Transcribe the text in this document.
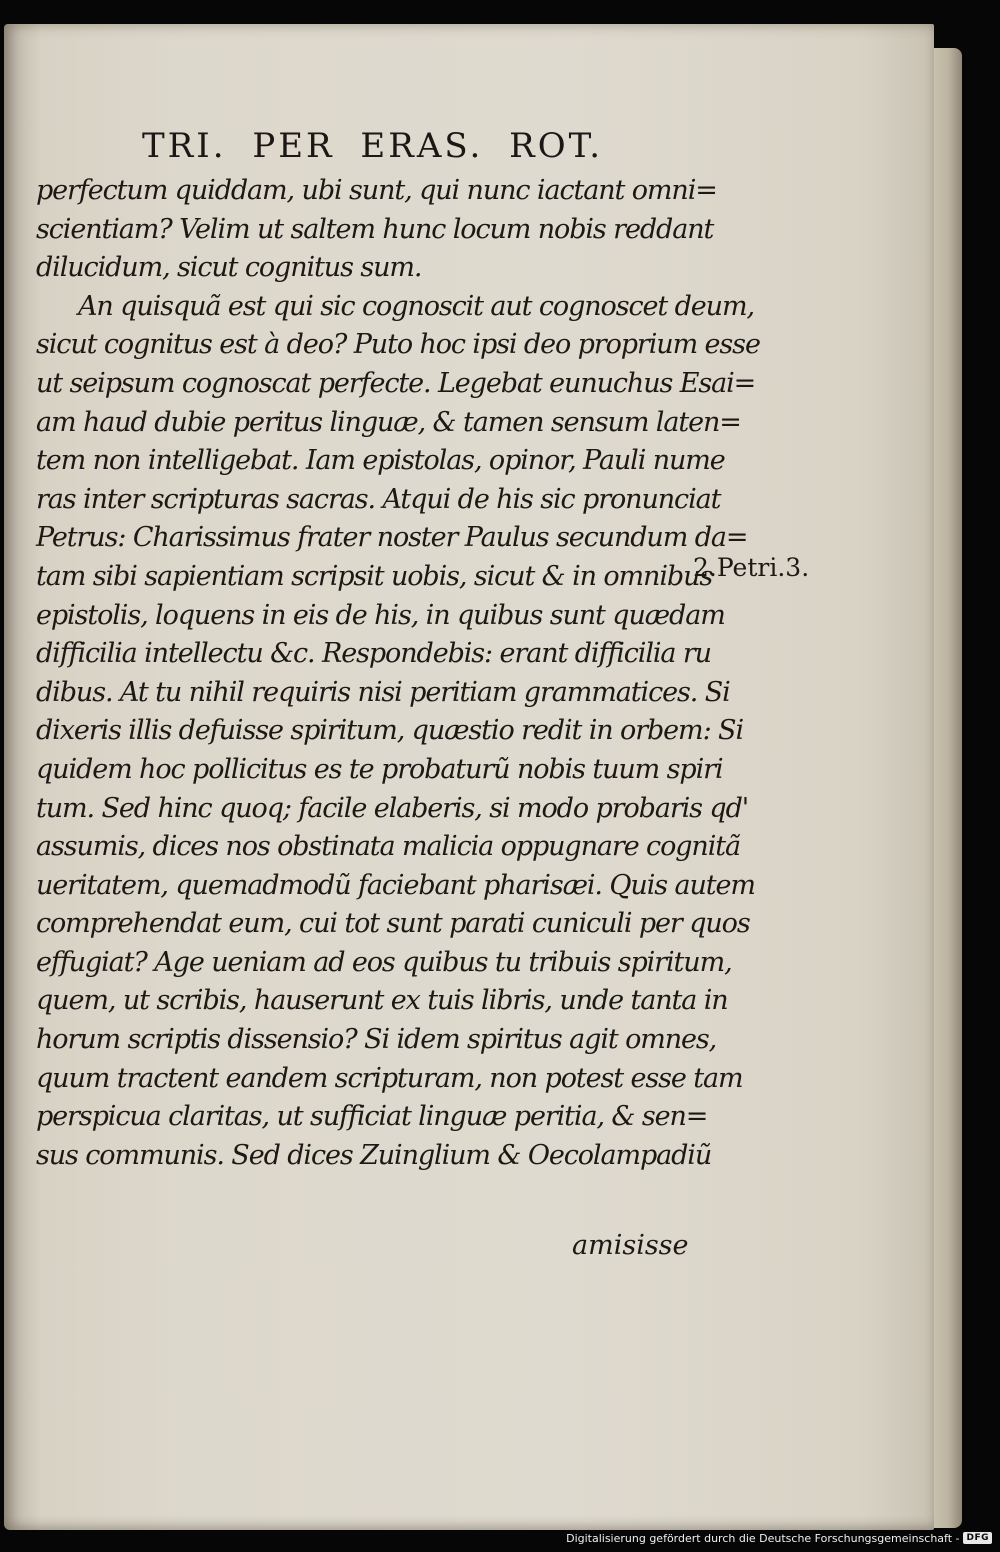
TRI. PER ERAS. ROT.
perfectum quiddam, ubi sunt, qui nunc iactant omni=
scientiam? Velim ut saltem hunc locum nobis reddant
dilucidum, sicut cognitus sum.
An quisquã est qui sic cognoscit aut cognoscet deum,
sicut cognitus est à deo? Puto hoc ipsi deo proprium esse
ut seipsum cognoscat perfecte. Legebat eunuchus Esai=
am haud dubie peritus linguæ, & tamen sensum laten=
tem non intelligebat. Iam epistolas, opinor, Pauli nume
ras inter scripturas sacras. Atqui de his sic pronunciat
Petrus: Charissimus frater noster Paulus secundum da=
tam sibi sapientiam scripsit uobis, sicut & in omnibus
epistolis, loquens in eis de his, in quibus sunt quædam
difficilia intellectu &c. Respondebis: erant difficilia ru
dibus. At tu nihil requiris nisi peritiam grammatices. Si
dixeris illis defuisse spiritum, quæstio redit in orbem: Si
quidem hoc pollicitus es te probaturũ nobis tuum spiri
tum. Sed hinc quoq; facile elaberis, si modo probaris qd'
assumis, dices nos obstinata malicia oppugnare cognitã
ueritatem, quemadmodũ faciebant pharisæi. Quis autem
comprehendat eum, cui tot sunt parati cuniculi per quos
effugiat? Age ueniam ad eos quibus tu tribuis spiritum,
quem, ut scribis, hauserunt ex tuis libris, unde tanta in
horum scriptis dissensio? Si idem spiritus agit omnes,
quum tractent eandem scripturam, non potest esse tam
perspicua claritas, ut sufficiat linguæ peritia, & sen=
sus communis. Sed dices Zuinglium & Oecolampadiũ
2.Petri.3.
amisisse
Digitalisierung gefördert durch die Deutsche Forschungsgemeinschaft - DFG
